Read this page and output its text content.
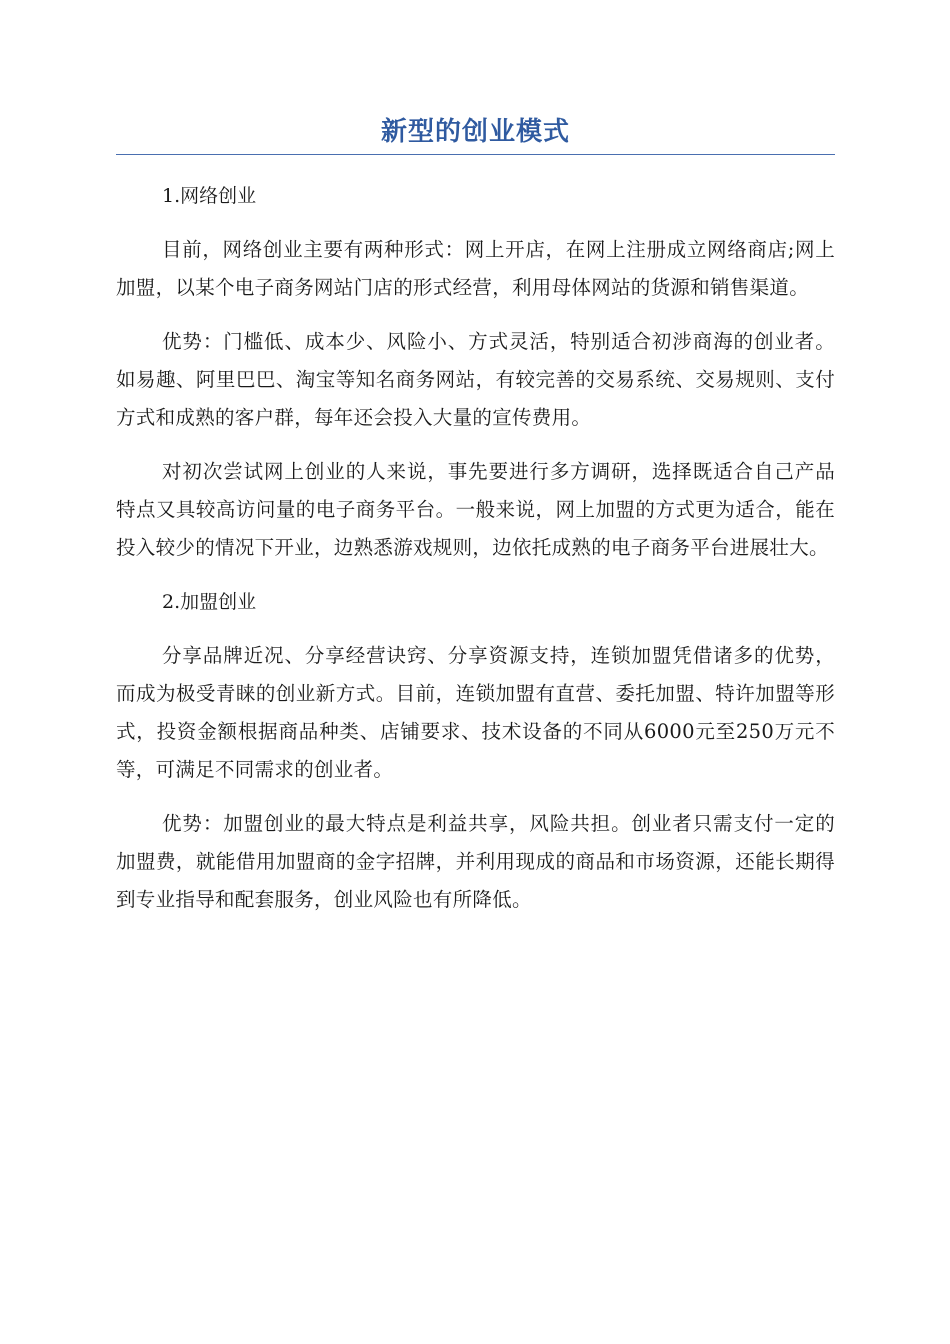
新型的创业模式

1.网络创业

目前，网络创业主要有两种形式：网上开店，在网上注册成立网络商店;网上加盟，以某个电子商务网站门店的形式经营，利用母体网站的货源和销售渠道。

优势：门槛低、成本少、风险小、方式灵活，特别适合初涉商海的创业者。如易趣、阿里巴巴、淘宝等知名商务网站，有较完善的交易系统、交易规则、支付方式和成熟的客户群，每年还会投入大量的宣传费用。

对初次尝试网上创业的人来说，事先要进行多方调研，选择既适合自己产品特点又具较高访问量的电子商务平台。一般来说，网上加盟的方式更为适合，能在投入较少的情况下开业，边熟悉游戏规则，边依托成熟的电子商务平台进展壮大。

2.加盟创业

分享品牌近况、分享经营诀窍、分享资源支持，连锁加盟凭借诸多的优势，而成为极受青睐的创业新方式。目前，连锁加盟有直营、委托加盟、特许加盟等形式，投资金额根据商品种类、店铺要求、技术设备的不同从6000元至250万元不等，可满足不同需求的创业者。

优势：加盟创业的最大特点是利益共享，风险共担。创业者只需支付一定的加盟费，就能借用加盟商的金字招牌，并利用现成的商品和市场资源，还能长期得到专业指导和配套服务，创业风险也有所降低。
